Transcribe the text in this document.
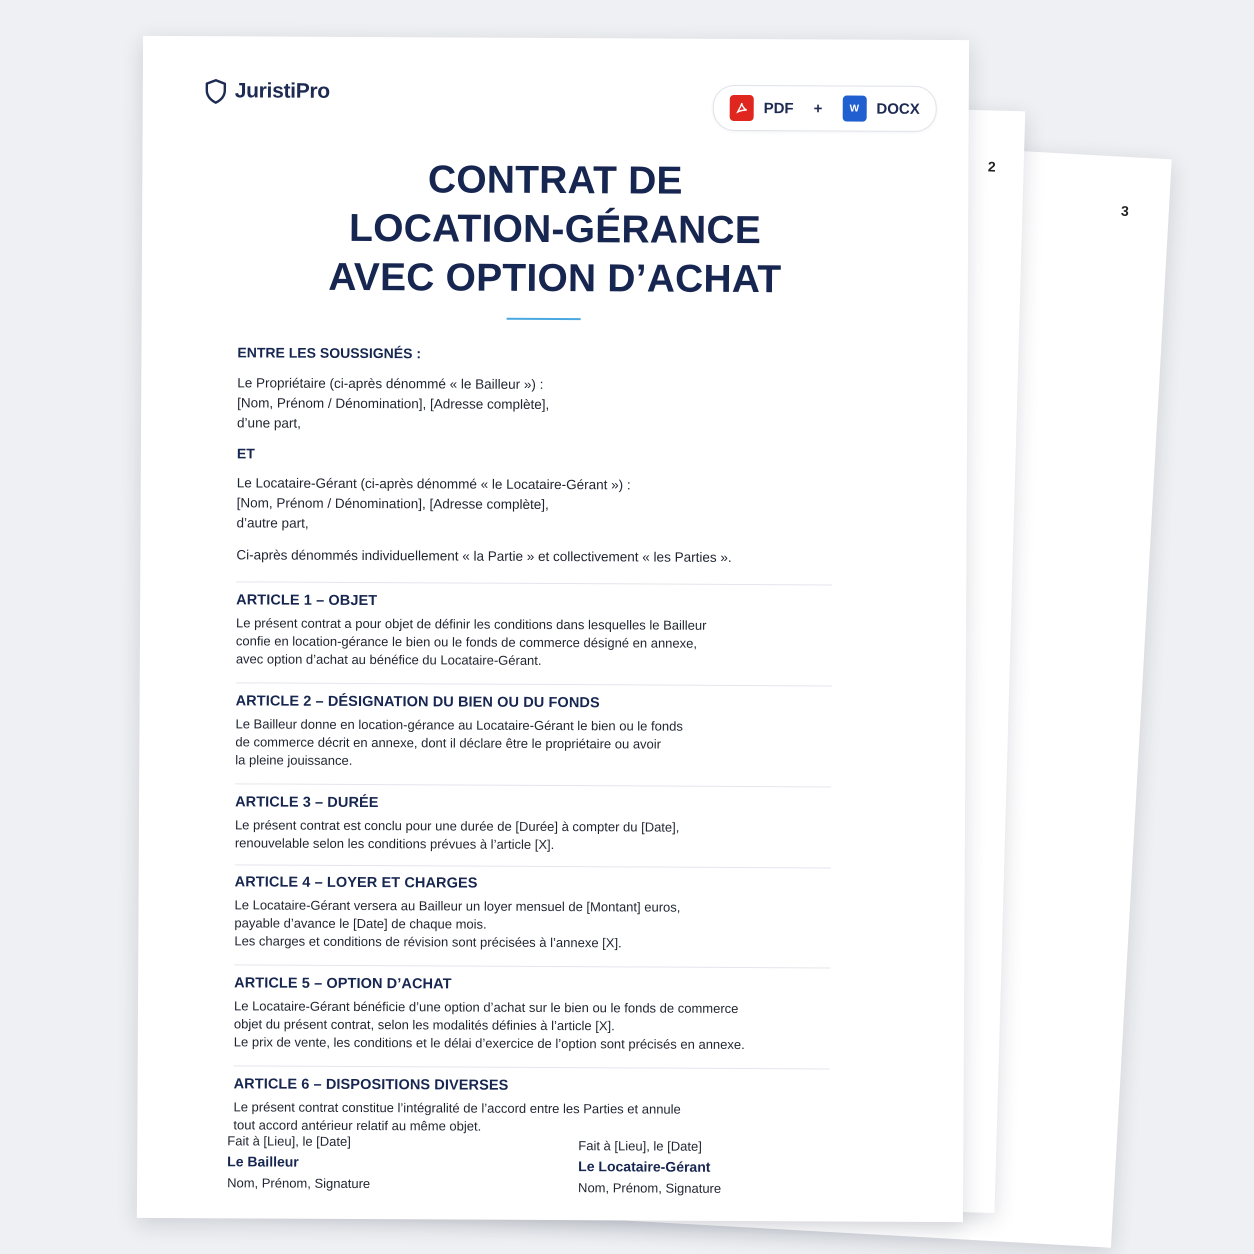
3
2
JuristiPro
PDF +	W	DOCX
CONTRAT DE
LOCATION-GÉRANCE
AVEC OPTION D’ACHAT

ENTRE LES SOUSSIGNÉS :

Le Propriétaire (ci-après dénommé « le Bailleur ») :
[Nom, Prénom / Dénomination], [Adresse complète],
d’une part,

ET

Le Locataire-Gérant (ci-après dénommé « le Locataire-Gérant ») :
[Nom, Prénom / Dénomination], [Adresse complète],
d’autre part,

Ci-après dénommés individuellement « la Partie » et collectivement « les Parties ».

ARTICLE 1 – OBJET

Le présent contrat a pour objet de définir les conditions dans lesquelles le Bailleur
confie en location-gérance le bien ou le fonds de commerce désigné en annexe,
avec option d’achat au bénéfice du Locataire-Gérant.

ARTICLE 2 – DÉSIGNATION DU BIEN OU DU FONDS

Le Bailleur donne en location-gérance au Locataire-Gérant le bien ou le fonds
de commerce décrit en annexe, dont il déclare être le propriétaire ou avoir
la pleine jouissance.

ARTICLE 3 – DURÉE

Le présent contrat est conclu pour une durée de [Durée] à compter du [Date],
renouvelable selon les conditions prévues à l’article [X].

ARTICLE 4 – LOYER ET CHARGES

Le Locataire-Gérant versera au Bailleur un loyer mensuel de [Montant] euros,
payable d’avance le [Date] de chaque mois.
Les charges et conditions de révision sont précisées à l’annexe [X].

ARTICLE 5 – OPTION D’ACHAT

Le Locataire-Gérant bénéficie d’une option d’achat sur le bien ou le fonds de commerce
objet du présent contrat, selon les modalités définies à l’article [X].
Le prix de vente, les conditions et le délai d’exercice de l’option sont précisés en annexe.

ARTICLE 6 – DISPOSITIONS DIVERSES

Le présent contrat constitue l’intégralité de l’accord entre les Parties et annule
tout accord antérieur relatif au même objet.

Fait à [Lieu], le [Date]
Le Bailleur
Nom, Prénom, Signature
Fait à [Lieu], le [Date]
Le Locataire-Gérant
Nom, Prénom, Signature
